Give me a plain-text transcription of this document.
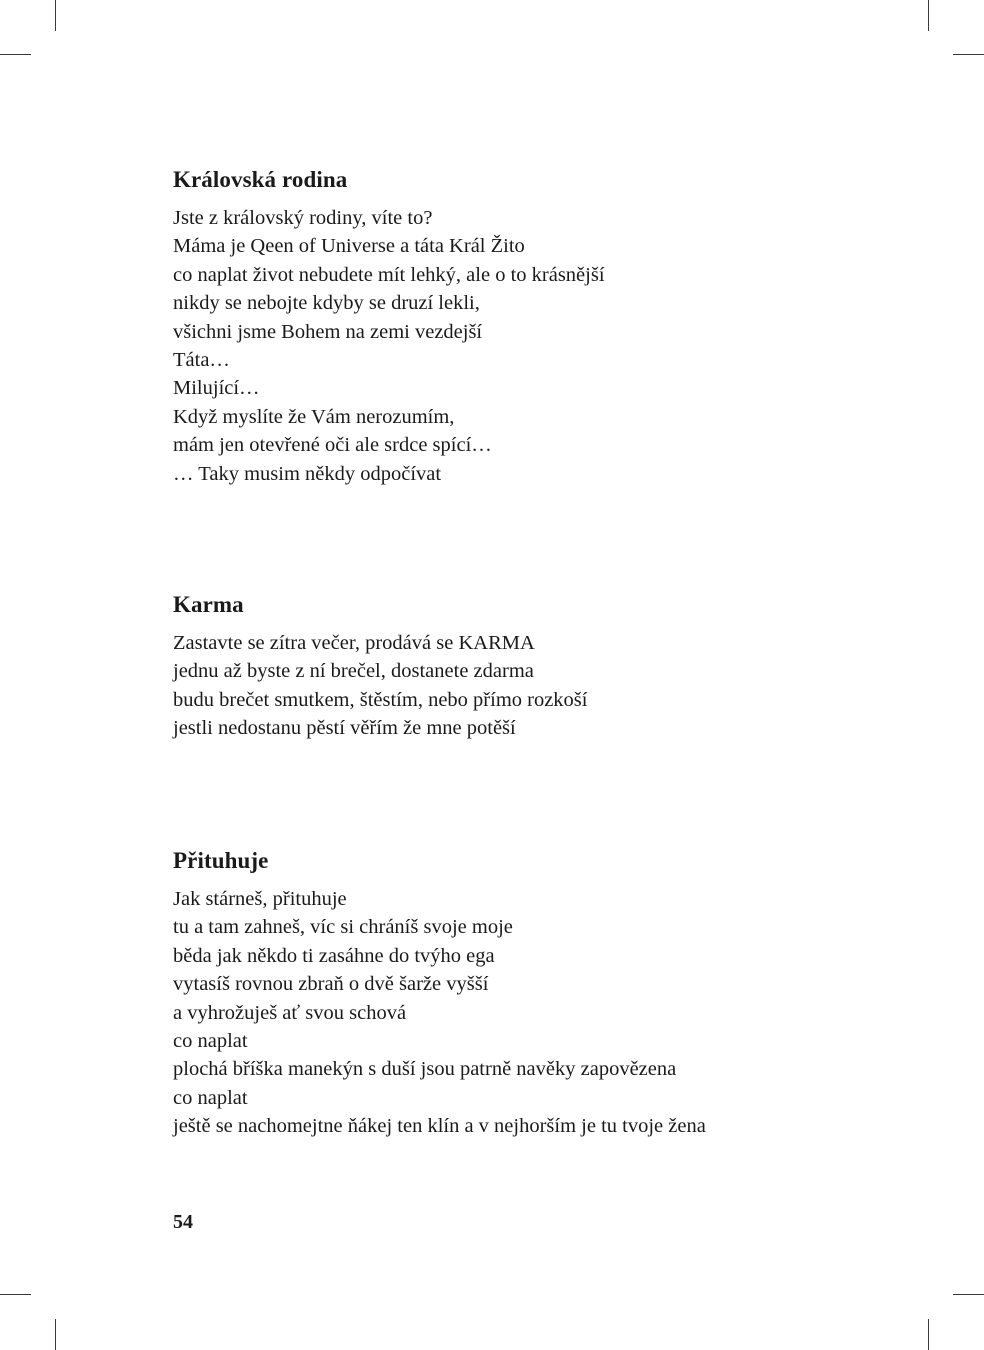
Královská rodina
Jste z královský rodiny, víte to?
Máma je Qeen of Universe a táta Král Žito
co naplat život nebudete mít lehký, ale o to krásnější
nikdy se nebojte kdyby se druzí lekli,
všichni jsme Bohem na zemi vezdejší
Táta…
Milující…
Když myslíte že Vám nerozumím,
mám jen otevřené oči ale srdce spící…
… Taky musim někdy odpočívat
Karma
Zastavte se zítra večer, prodává se KARMA
jednu až byste z ní brečel, dostanete zdarma
budu brečet smutkem, štěstím, nebo přímo rozkoší
jestli nedostanu pěstí věřím že mne potěší
Přituhuje
Jak stárneš, přituhuje
tu a tam zahneš, víc si chráníš svoje moje
běda jak někdo ti zasáhne do tvýho ega
vytasíš rovnou zbraň o dvě šarže vyšší
a vyhrožuješ ať svou schová
co naplat
plochá bříška manekýn s duší jsou patrně navěky zapovězena
co naplat
ještě se nachomejtne ňákej ten klín a v nejhorším je tu tvoje žena
54
